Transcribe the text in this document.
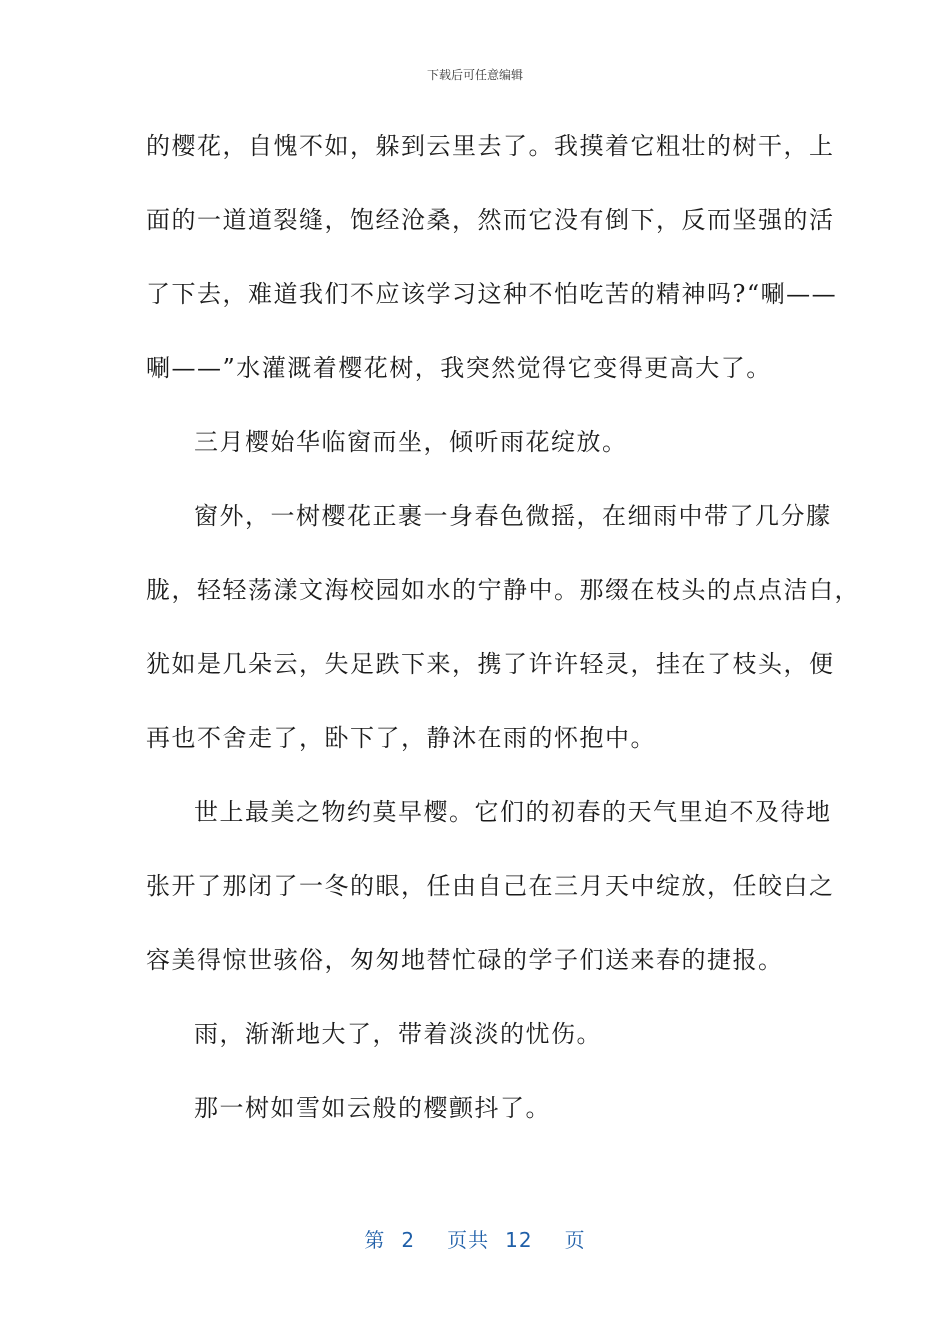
下载后可任意编辑
的樱花，自愧不如，躲到云里去了。我摸着它粗壮的树干，上
面的一道道裂缝，饱经沧桑，然而它没有倒下，反而坚强的活
了下去，难道我们不应该学习这种不怕吃苦的精神吗?“唰——
唰——”水灌溉着樱花树，我突然觉得它变得更高大了。
三月樱始华临窗而坐，倾听雨花绽放。
窗外，一树樱花正裹一身春色微摇，在细雨中带了几分朦
胧，轻轻荡漾文海校园如水的宁静中。那缀在枝头的点点洁白，
犹如是几朵云，失足跌下来，携了许许轻灵，挂在了枝头，便
再也不舍走了，卧下了，静沐在雨的怀抱中。
世上最美之物约莫早樱。它们的初春的天气里迫不及待地
张开了那闭了一冬的眼，任由自己在三月天中绽放，任皎白之
容美得惊世骇俗，匆匆地替忙碌的学子们送来春的捷报。
雨，渐渐地大了，带着淡淡的忧伤。
那一树如雪如云般的樱颤抖了。
第 2 页共 12 页
